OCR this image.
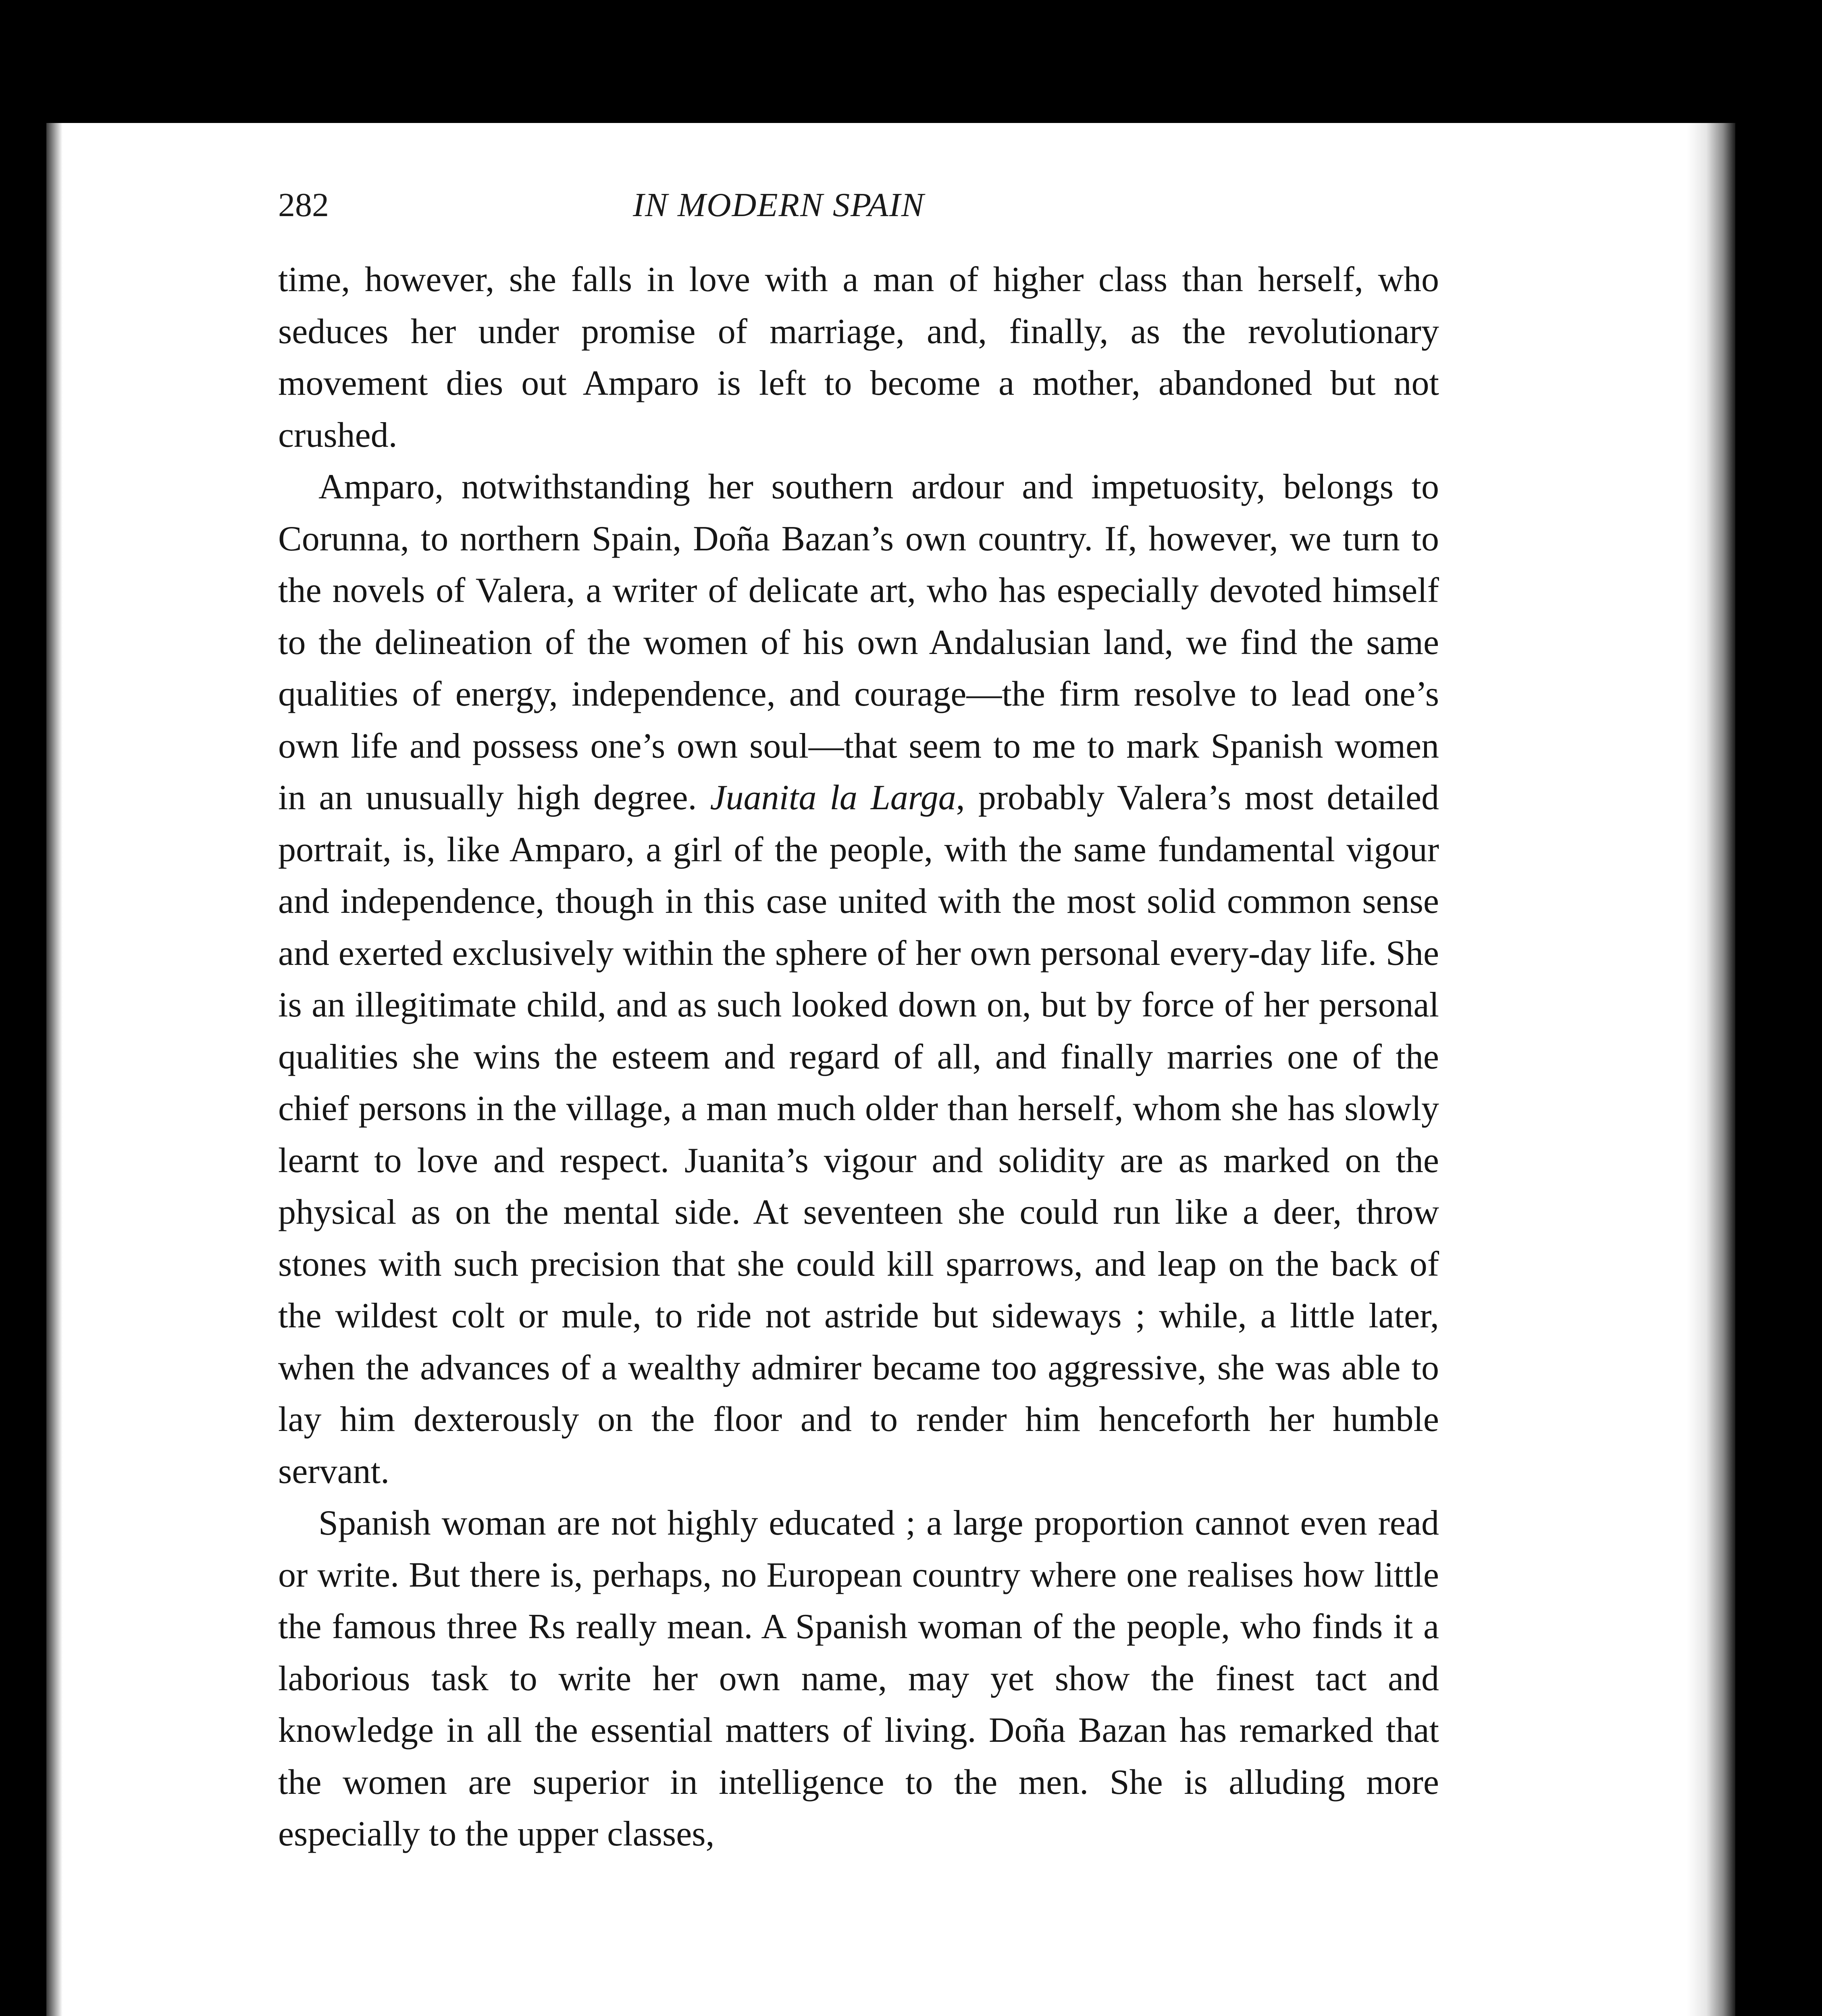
282	IN MODERN SPAIN

time, however, she falls in love with a man of higher class than herself, who seduces her under promise of marriage, and, finally, as the revolutionary movement dies out Amparo is left to become a mother, abandoned but not crushed.

Amparo, notwithstanding her southern ardour and impetuosity, belongs to Corunna, to northern Spain, Doña Bazan’s own country. If, however, we turn to the novels of Valera, a writer of delicate art, who has especially devoted himself to the delineation of the women of his own Andalusian land, we find the same qualities of energy, independence, and courage—the firm resolve to lead one’s own life and possess one’s own soul—that seem to me to mark Spanish women in an unusually high degree. Juanita la Larga, probably Valera’s most detailed portrait, is, like Amparo, a girl of the people, with the same fundamental vigour and independence, though in this case united with the most solid common sense and exerted exclusively within the sphere of her own personal every-day life. She is an illegitimate child, and as such looked down on, but by force of her personal qualities she wins the esteem and regard of all, and finally marries one of the chief persons in the village, a man much older than herself, whom she has slowly learnt to love and respect. Juanita’s vigour and solidity are as marked on the physical as on the mental side. At seventeen she could run like a deer, throw stones with such precision that she could kill sparrows, and leap on the back of the wildest colt or mule, to ride not astride but sideways ; while, a little later, when the advances of a wealthy admirer became too aggressive, she was able to lay him dexterously on the floor and to render him henceforth her humble servant.

Spanish woman are not highly educated ; a large proportion cannot even read or write. But there is, perhaps, no European country where one realises how little the famous three Rs really mean. A Spanish woman of the people, who finds it a laborious task to write her own name, may yet show the finest tact and knowledge in all the essential matters of living. Doña Bazan has remarked that the women are superior in intelligence to the men. She is alluding more especially to the upper classes,
